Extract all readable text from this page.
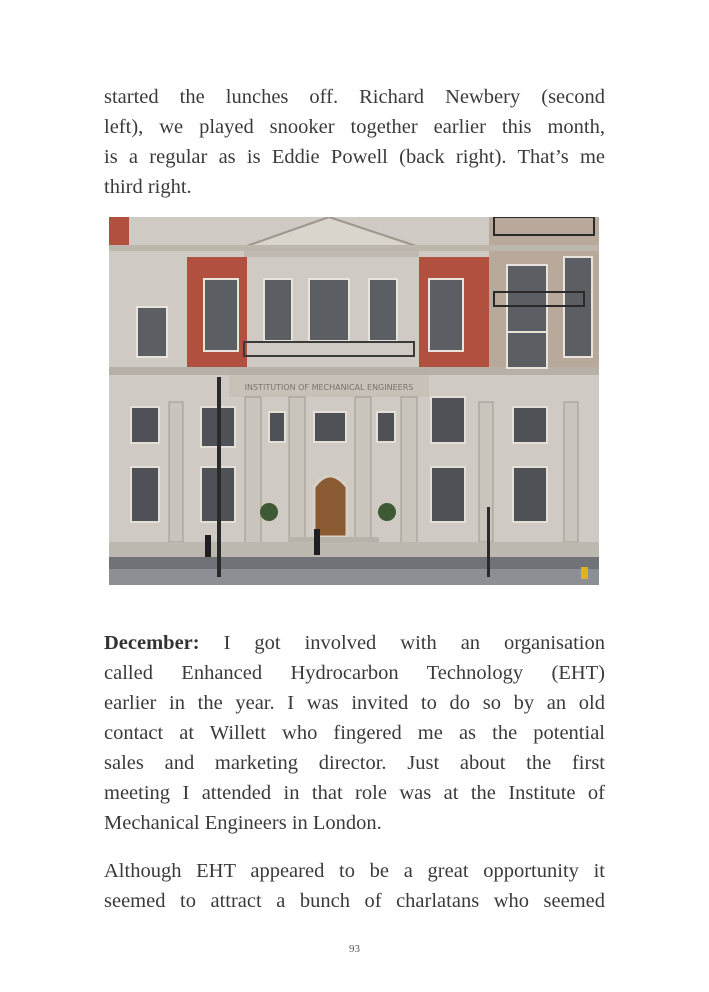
started the lunches off. Richard Newbery (second
left), we played snooker together earlier this month,
is a regular as is Eddie Powell (back right). That’s me
third right.
INSTITUTION OF MECHANICAL ENGINEERS
December: I got involved with an organisation
called Enhanced Hydrocarbon Technology (EHT)
earlier in the year. I was invited to do so by an old
contact at Willett who fingered me as the potential
sales and marketing director. Just about the first
meeting I attended in that role was at the Institute of
Mechanical Engineers in London.
Although EHT appeared to be a great opportunity it
seemed to attract a bunch of charlatans who seemed
93
